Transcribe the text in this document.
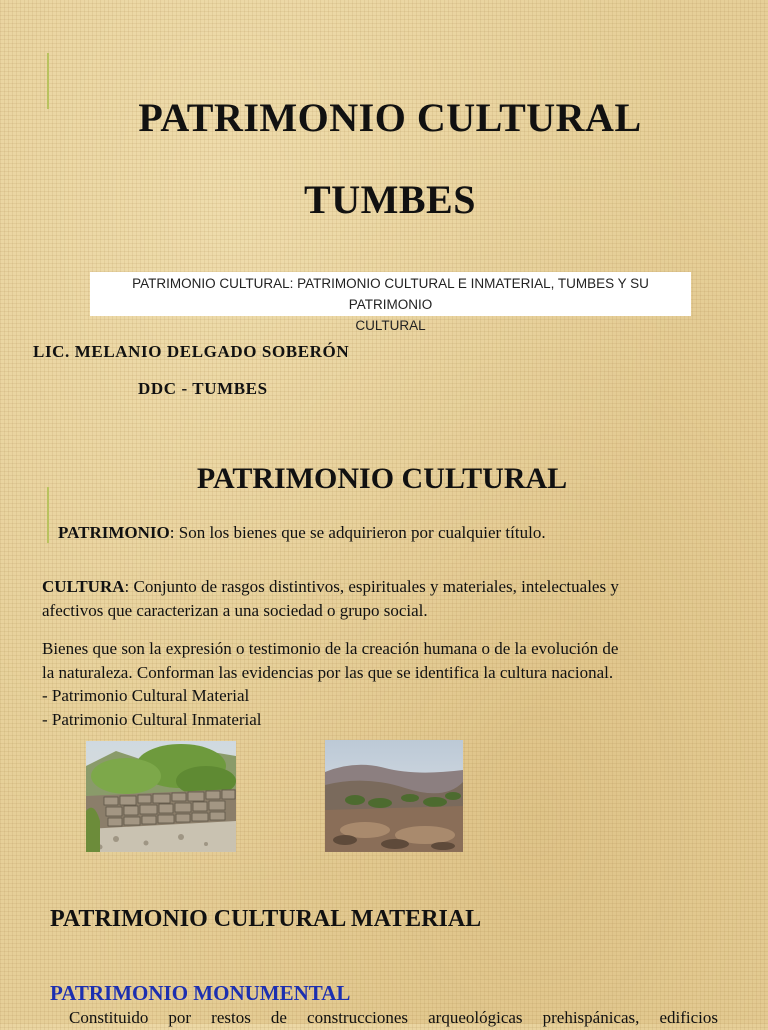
PATRIMONIO CULTURAL
TUMBES
PATRIMONIO CULTURAL: PATRIMONIO CULTURAL E INMATERIAL, TUMBES Y SU PATRIMONIO
CULTURAL
LIC. MELANIO DELGADO SOBERÓN
DDC - TUMBES
PATRIMONIO CULTURAL
PATRIMONIO: Son los bienes que se adquirieron por cualquier título.
CULTURA: Conjunto de rasgos distintivos, espirituales y materiales, intelectuales y
afectivos que caracterizan a una sociedad o grupo social.
Bienes que son la expresión o testimonio de la creación humana o de la evolución de
la naturaleza. Conforman las evidencias por las que se identifica la cultura nacional.
- Patrimonio Cultural Material
- Patrimonio Cultural Inmaterial
PATRIMONIO CULTURAL MATERIAL
PATRIMONIO MONUMENTAL
Constituido por restos de construcciones arqueológicas prehispánicas, edificios
